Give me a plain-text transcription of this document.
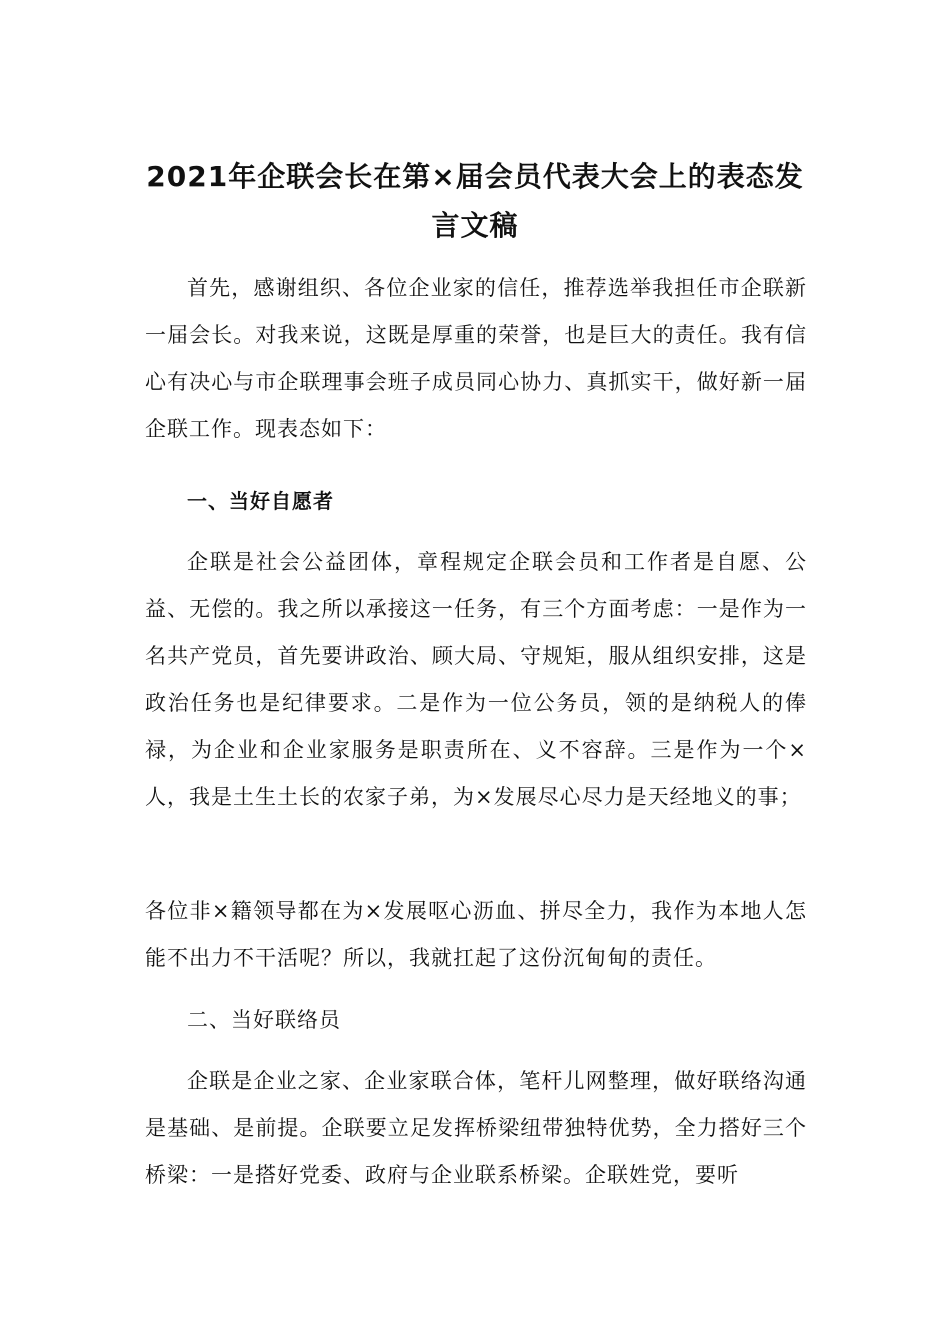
2021年企联会长在第×届会员代表大会上的表态发
言文稿
首先，感谢组织、各位企业家的信任，推荐选举我担任市企联新一届会长。对我来说，这既是厚重的荣誉，也是巨大的责任。我有信心有决心与市企联理事会班子成员同心协力、真抓实干，做好新一届企联工作。现表态如下：
一、当好自愿者
企联是社会公益团体，章程规定企联会员和工作者是自愿、公益、无偿的。我之所以承接这一任务，有三个方面考虑：一是作为一名共产党员，首先要讲政治、顾大局、守规矩，服从组织安排，这是政治任务也是纪律要求。二是作为一位公务员，领的是纳税人的俸禄，为企业和企业家服务是职责所在、义不容辞。三是作为一个×人，我是土生土长的农家子弟，为×发展尽心尽力是天经地义的事；
各位非×籍领导都在为×发展呕心沥血、拼尽全力，我作为本地人怎能不出力不干活呢？所以，我就扛起了这份沉甸甸的责任。
二、当好联络员
企联是企业之家、企业家联合体，笔杆儿网整理，做好联络沟通是基础、是前提。企联要立足发挥桥梁纽带独特优势，全力搭好三个桥梁：一是搭好党委、政府与企业联系桥梁。企联姓党，要听
